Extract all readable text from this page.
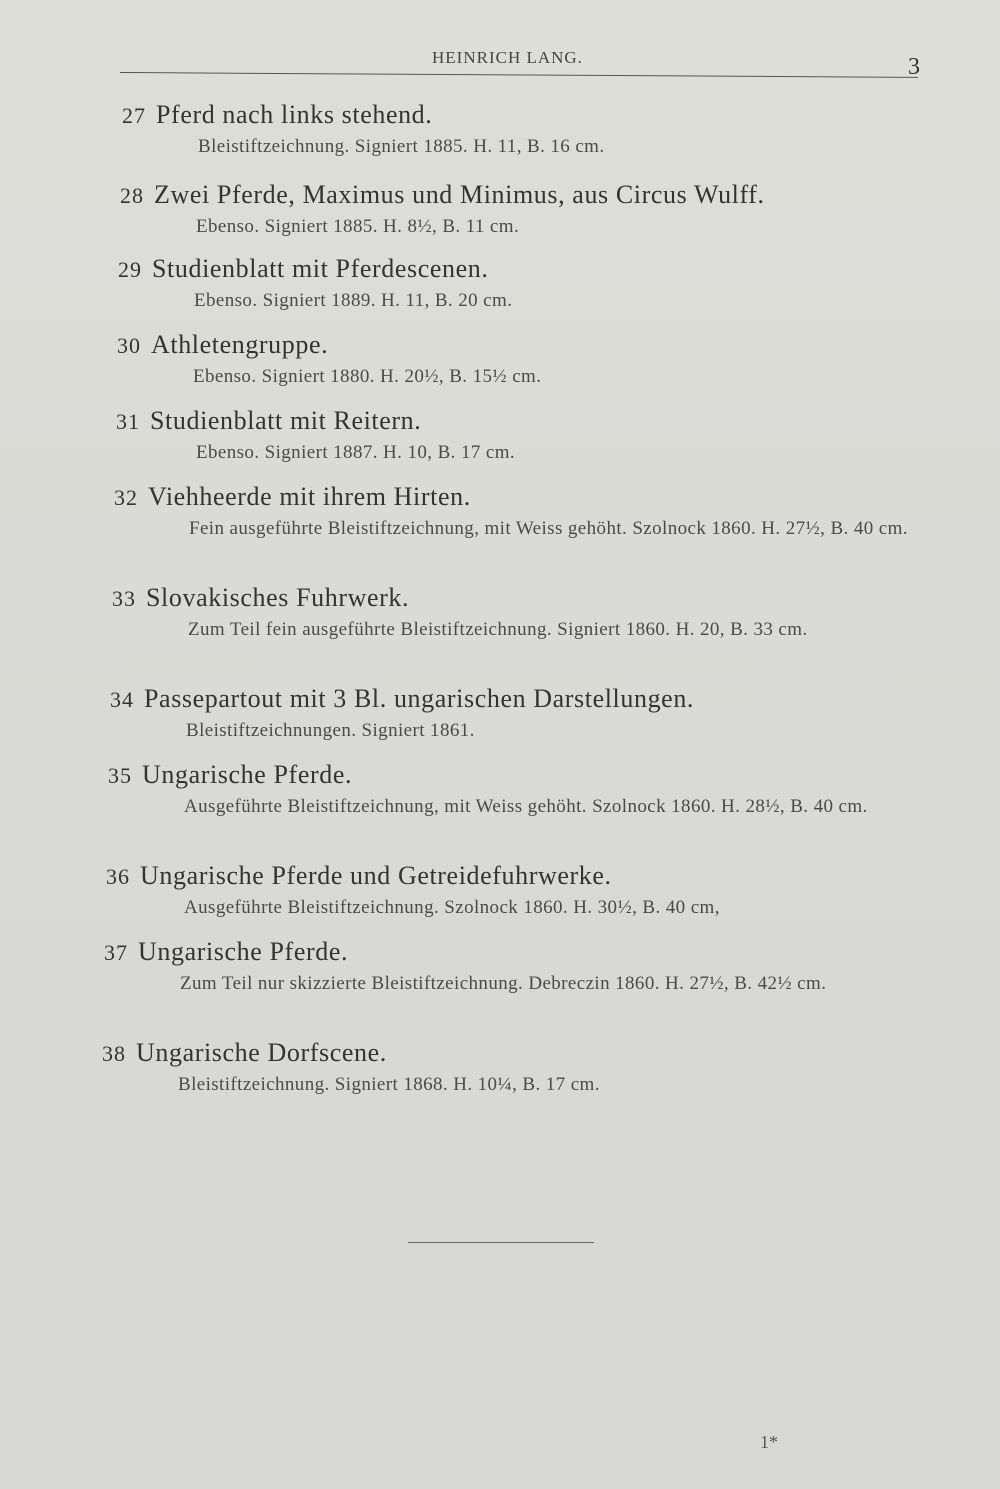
HEINRICH LANG.	3
27 Pferd nach links stehend.
Bleistiftzeichnung. Signiert 1885. H. 11, B. 16 cm.
28 Zwei Pferde, Maximus und Minimus, aus Circus Wulff.
Ebenso. Signiert 1885. H. 8½, B. 11 cm.
29 Studienblatt mit Pferdescenen.
Ebenso. Signiert 1889. H. 11, B. 20 cm.
30 Athletengruppe.
Ebenso. Signiert 1880. H. 20½, B. 15½ cm.
31 Studienblatt mit Reitern.
Ebenso. Signiert 1887. H. 10, B. 17 cm.
32 Viehheerde mit ihrem Hirten.
Fein ausgeführte Bleistiftzeichnung, mit Weiss gehöht. Szolnock 1860. H. 27½, B. 40 cm.
33 Slovakisches Fuhrwerk.
Zum Teil fein ausgeführte Bleistiftzeichnung. Signiert 1860. H. 20, B. 33 cm.
34 Passepartout mit 3 Bl. ungarischen Darstellungen.
Bleistiftzeichnungen. Signiert 1861.
35 Ungarische Pferde.
Ausgeführte Bleistiftzeichnung, mit Weiss gehöht. Szolnock 1860. H. 28½, B. 40 cm.
36 Ungarische Pferde und Getreidefuhrwerke.
Ausgeführte Bleistiftzeichnung. Szolnock 1860. H. 30½, B. 40 cm,
37 Ungarische Pferde.
Zum Teil nur skizzierte Bleistiftzeichnung. Debreczin 1860. H. 27½, B. 42½ cm.
38 Ungarische Dorfscene.
Bleistiftzeichnung. Signiert 1868. H. 10¼, B. 17 cm.
1*
